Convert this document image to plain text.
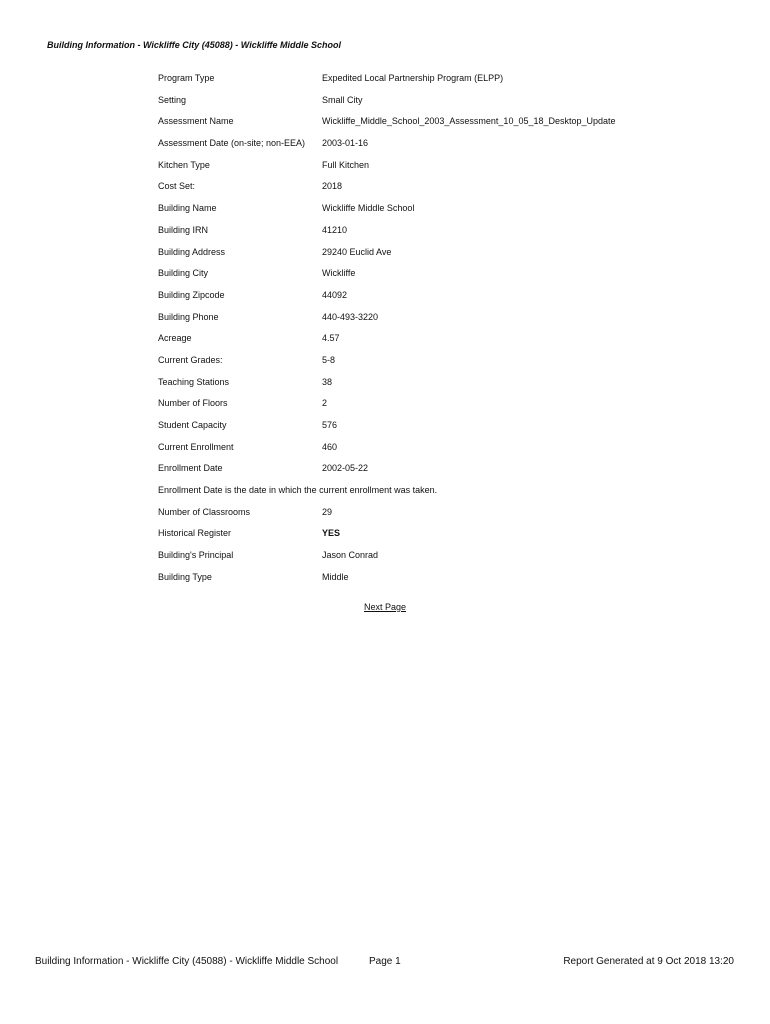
Building Information - Wickliffe City (45088) - Wickliffe Middle School
Program Type	Expedited Local Partnership Program (ELPP)
Setting	Small City
Assessment Name	Wickliffe_Middle_School_2003_Assessment_10_05_18_Desktop_Update
Assessment Date (on-site; non-EEA) 2003-01-16
Kitchen Type	Full Kitchen
Cost Set:	2018
Building Name	Wickliffe Middle School
Building IRN	41210
Building Address	29240 Euclid Ave
Building City	Wickliffe
Building Zipcode	44092
Building Phone	440-493-3220
Acreage	4.57
Current Grades:	5-8
Teaching Stations	38
Number of Floors	2
Student Capacity	576
Current Enrollment	460
Enrollment Date	2002-05-22
Enrollment Date is the date in which the current enrollment was taken.
Number of Classrooms	29
Historical Register	YES
Building's Principal	Jason Conrad
Building Type	Middle
Next Page
Building Information - Wickliffe City (45088) - Wickliffe Middle School	Page 1	Report Generated at 9 Oct 2018 13:20
